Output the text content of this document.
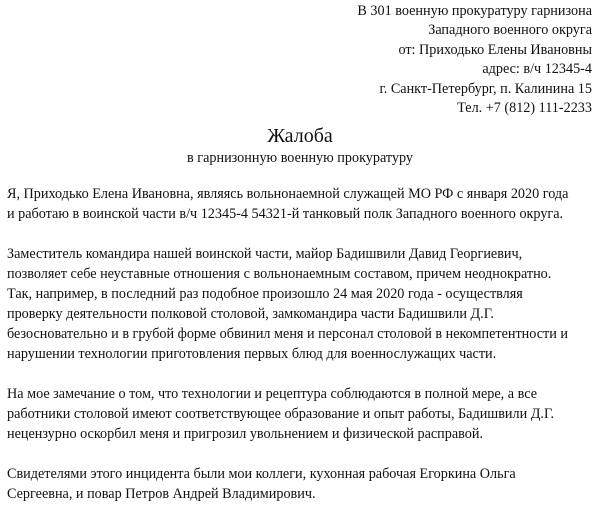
В 301 военную прокуратуру гарнизона
Западного военного округа
от: Приходько Елены Ивановны
адрес: в/ч 12345-4
г. Санкт-Петербург, п. Калинина 15
Тел. +7 (812) 111-2233
Жалоба
в гарнизонную военную прокуратуру

Я, Приходько Елена Ивановна, являясь вольнонаемной служащей МО РФ с января 2020 года
и работаю в воинской части в/ч 12345-4 54321-й танковый полк Западного военного округа.

Заместитель командира нашей воинской части, майор Бадишвили Давид Георгиевич,
позволяет себе неуставные отношения с вольнонаемным составом, причем неоднократно.
Так, например, в последний раз подобное произошло 24 мая 2020 года - осуществляя
проверку деятельности полковой столовой, замкомандира части Бадишвили Д.Г.
безосновательно и в грубой форме обвинил меня и персонал столовой в некомпетентности и
нарушении технологии приготовления первых блюд для военнослужащих части.

На мое замечание о том, что технологии и рецептура соблюдаются в полной мере, а все
работники столовой имеют соответствующее образование и опыт работы, Бадишвили Д.Г.
нецензурно оскорбил меня и пригрозил увольнением и физической расправой.

Свидетелями этого инцидента были мои коллеги, кухонная рабочая Егоркина Ольга
Сергеевна, и повар Петров Андрей Владимирович.
